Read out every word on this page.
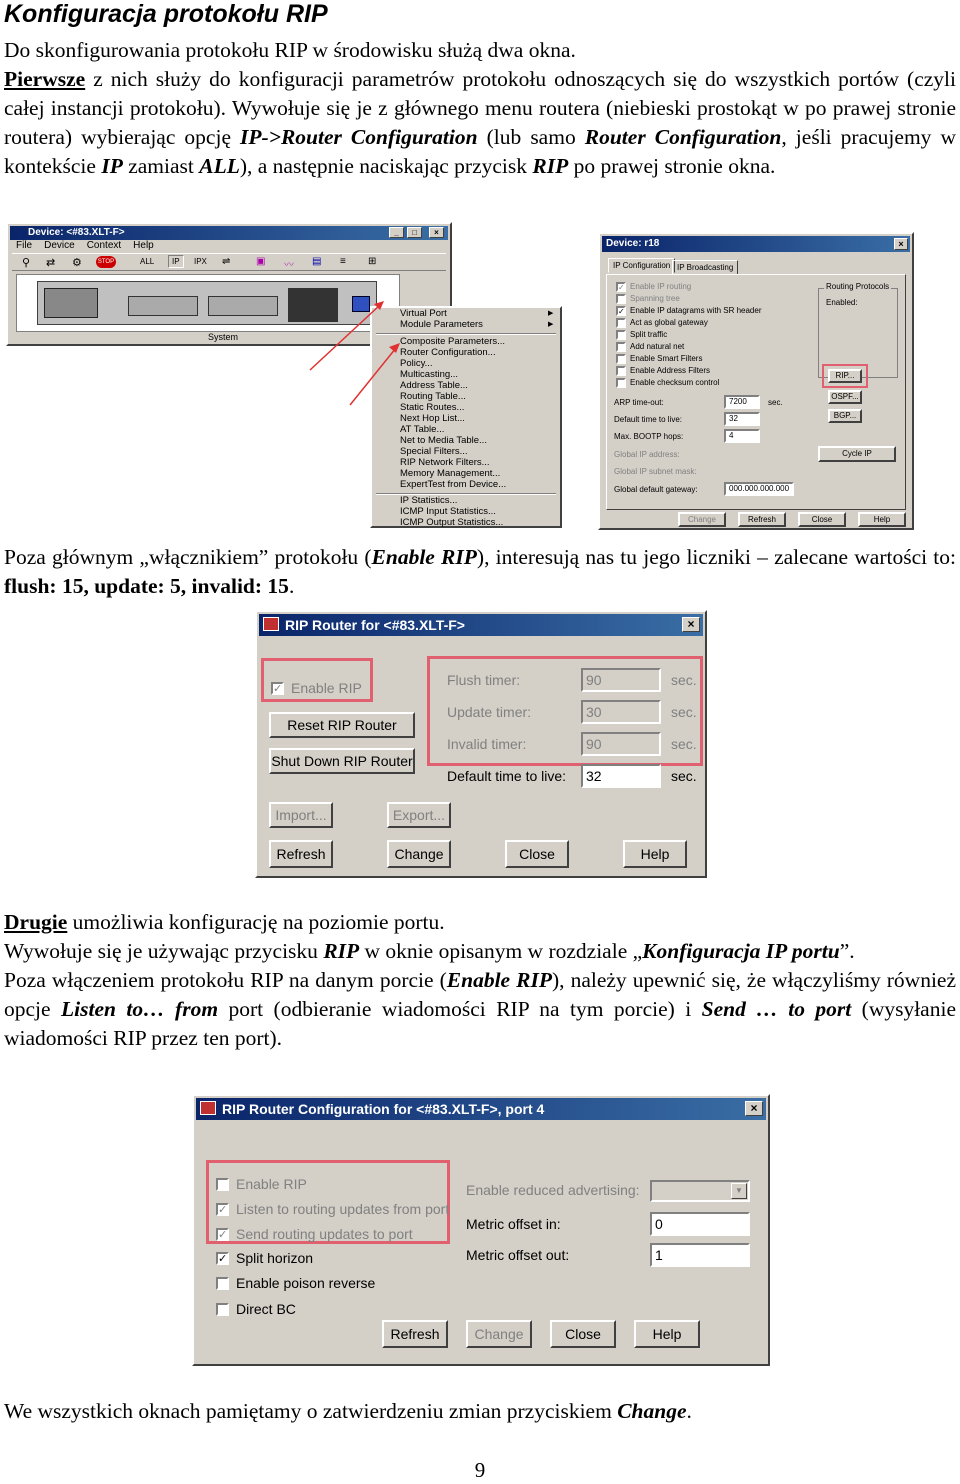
Konfiguracja protokołu RIP
Do skonfigurowania protokołu RIP w środowisku służą dwa okna.
Pierwsze z nich służy do konfiguracji parametrów protokołu odnoszących się do wszystkich portów (czyli całej instancji protokołu). Wywołuje się je z głównego menu routera (niebieski prostokąt w po prawej stronie routera) wybierając opcję IP->Router Configuration (lub samo Router Configuration, jeśli pracujemy w kontekście IP zamiast ALL), a następnie naciskając przycisk RIP po prawej stronie okna.
Device: <#83.XLT-F>	_	□	×
File Device Context Help
⚲ ⇄ ⚙	STOP	ALL	IP	IPX ⇌	▣ 〰 ▤ ≡ ⊞
System
Virtual Port	▶
Module Parameters	▶
Composite Parameters...
Router Configuration...
Policy...
Multicasting...
Address Table...
Routing Table...
Static Routes...
Next Hop List...
AT Table...
Net to Media Table...
Special Filters...
RIP Network Filters...
Memory Management...
ExpertTest from Device...
IP Statistics...
ICMP Input Statistics...
ICMP Output Statistics...
Device: r18	×
IP Configuration IP Broadcasting
✓ Enable IP routing
Spanning tree
✓ Enable IP datagrams with SR header
Act as global gateway
Split traffic
Add natural net
Enable Smart Filters
Enable Address Filters
Enable checksum control
Routing Protocols
Enabled:
RIP...
OSPF...
BGP...
Cycle IP
ARP time-out:	7200	sec.
Default time to live:	32
Max. BOOTP hops:	4
Global IP address:
Global IP subnet mask:
Global default gateway:	000.000.000.000
Change	Refresh	Close	Help
Poza głównym „włącznikiem” protokołu (Enable RIP), interesują nas tu jego liczniki – zalecane wartości to: flush: 15, update: 5, invalid: 15.
RIP Router for <#83.XLT-F>	×
✓ Enable RIP
Reset RIP Router
Shut Down RIP Router
Flush timer:	90	sec.
Update timer:	30	sec.
Invalid timer:	90	sec.
Default time to live:	32	sec.
Import...	Export...
Refresh	Change	Close	Help
Drugie umożliwia konfigurację na poziomie portu.
Wywołuje się je używając przycisku RIP w oknie opisanym w rozdziale „Konfiguracja IP portu”.
Poza włączeniem protokołu RIP na danym porcie (Enable RIP), należy upewnić się, że włączyliśmy również opcje Listen to… from port (odbieranie wiadomości RIP na tym porcie) i Send … to port (wysyłanie wiadomości RIP przez ten port).
RIP Router Configuration for <#83.XLT-F>, port 4	×
Enable RIP
✓ Listen to routing updates from port
✓ Send routing updates to port
✓ Split horizon
Enable poison reverse
Direct BC
Enable reduced advertising:	▼
Metric offset in:	0
Metric offset out:	1
Refresh	Change	Close	Help
We wszystkich oknach pamiętamy o zatwierdzeniu zmian przyciskiem Change.
9
